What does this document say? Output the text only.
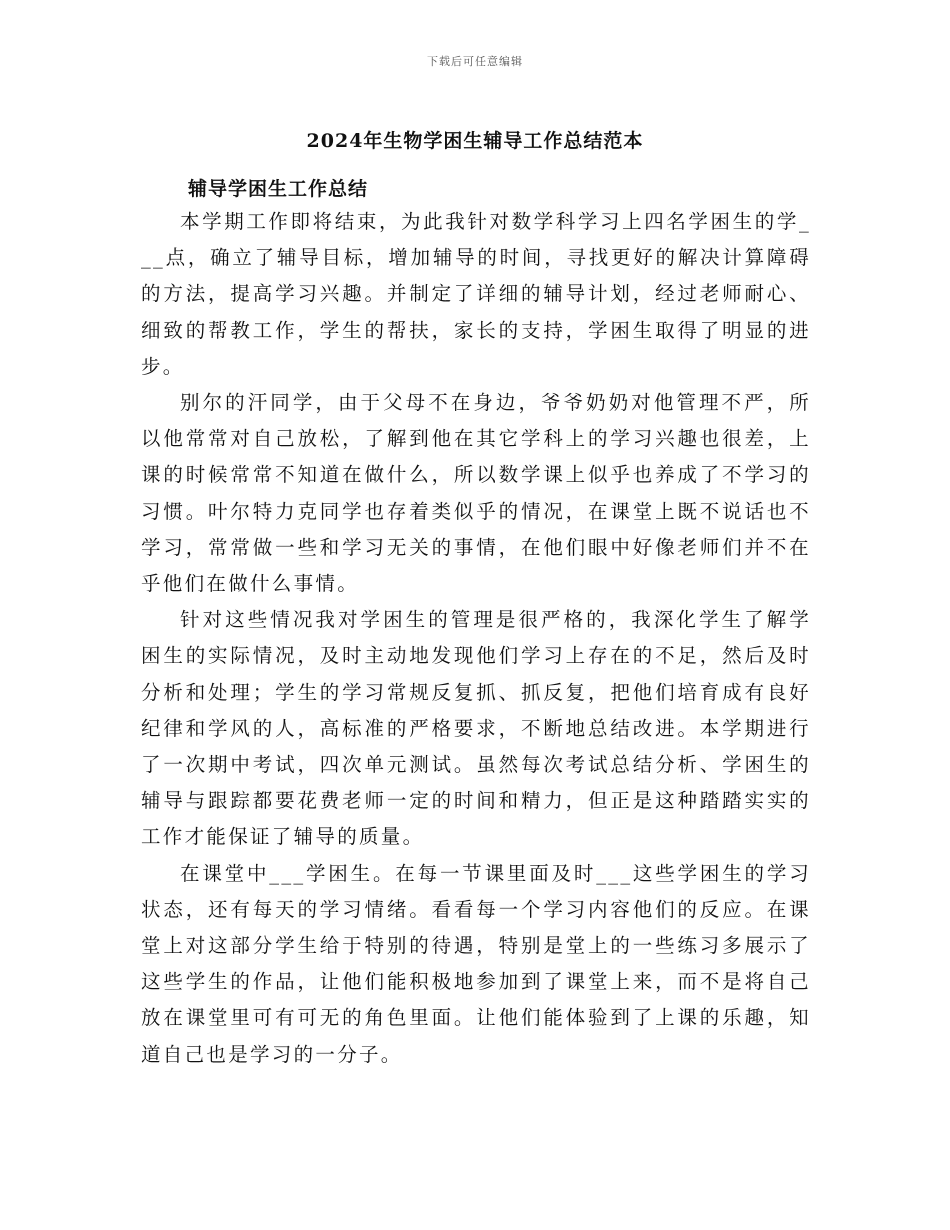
下载后可任意编辑
2024年生物学困生辅导工作总结范本
辅导学困生工作总结

本学期工作即将结束，为此我针对数学科学习上四名学困生的学___点，确立了辅导目标，增加辅导的时间，寻找更好的解决计算障碍的方法，提高学习兴趣。并制定了详细的辅导计划，经过老师耐心、细致的帮教工作，学生的帮扶，家长的支持，学困生取得了明显的进步。

别尔的汗同学，由于父母不在身边，爷爷奶奶对他管理不严，所以他常常对自己放松，了解到他在其它学科上的学习兴趣也很差，上课的时候常常不知道在做什么，所以数学课上似乎也养成了不学习的习惯。叶尔特力克同学也存着类似乎的情况，在课堂上既不说话也不学习，常常做一些和学习无关的事情，在他们眼中好像老师们并不在乎他们在做什么事情。

针对这些情况我对学困生的管理是很严格的，我深化学生了解学困生的实际情况，及时主动地发现他们学习上存在的不足，然后及时分析和处理；学生的学习常规反复抓、抓反复，把他们培育成有良好纪律和学风的人，高标准的严格要求，不断地总结改进。本学期进行了一次期中考试，四次单元测试。虽然每次考试总结分析、学困生的辅导与跟踪都要花费老师一定的时间和精力，但正是这种踏踏实实的工作才能保证了辅导的质量。

在课堂中___学困生。在每一节课里面及时___这些学困生的学习状态，还有每天的学习情绪。看看每一个学习内容他们的反应。在课堂上对这部分学生给于特别的待遇，特别是堂上的一些练习多展示了这些学生的作品，让他们能积极地参加到了课堂上来，而不是将自己放在课堂里可有可无的角色里面。让他们能体验到了上课的乐趣，知道自己也是学习的一分子。
